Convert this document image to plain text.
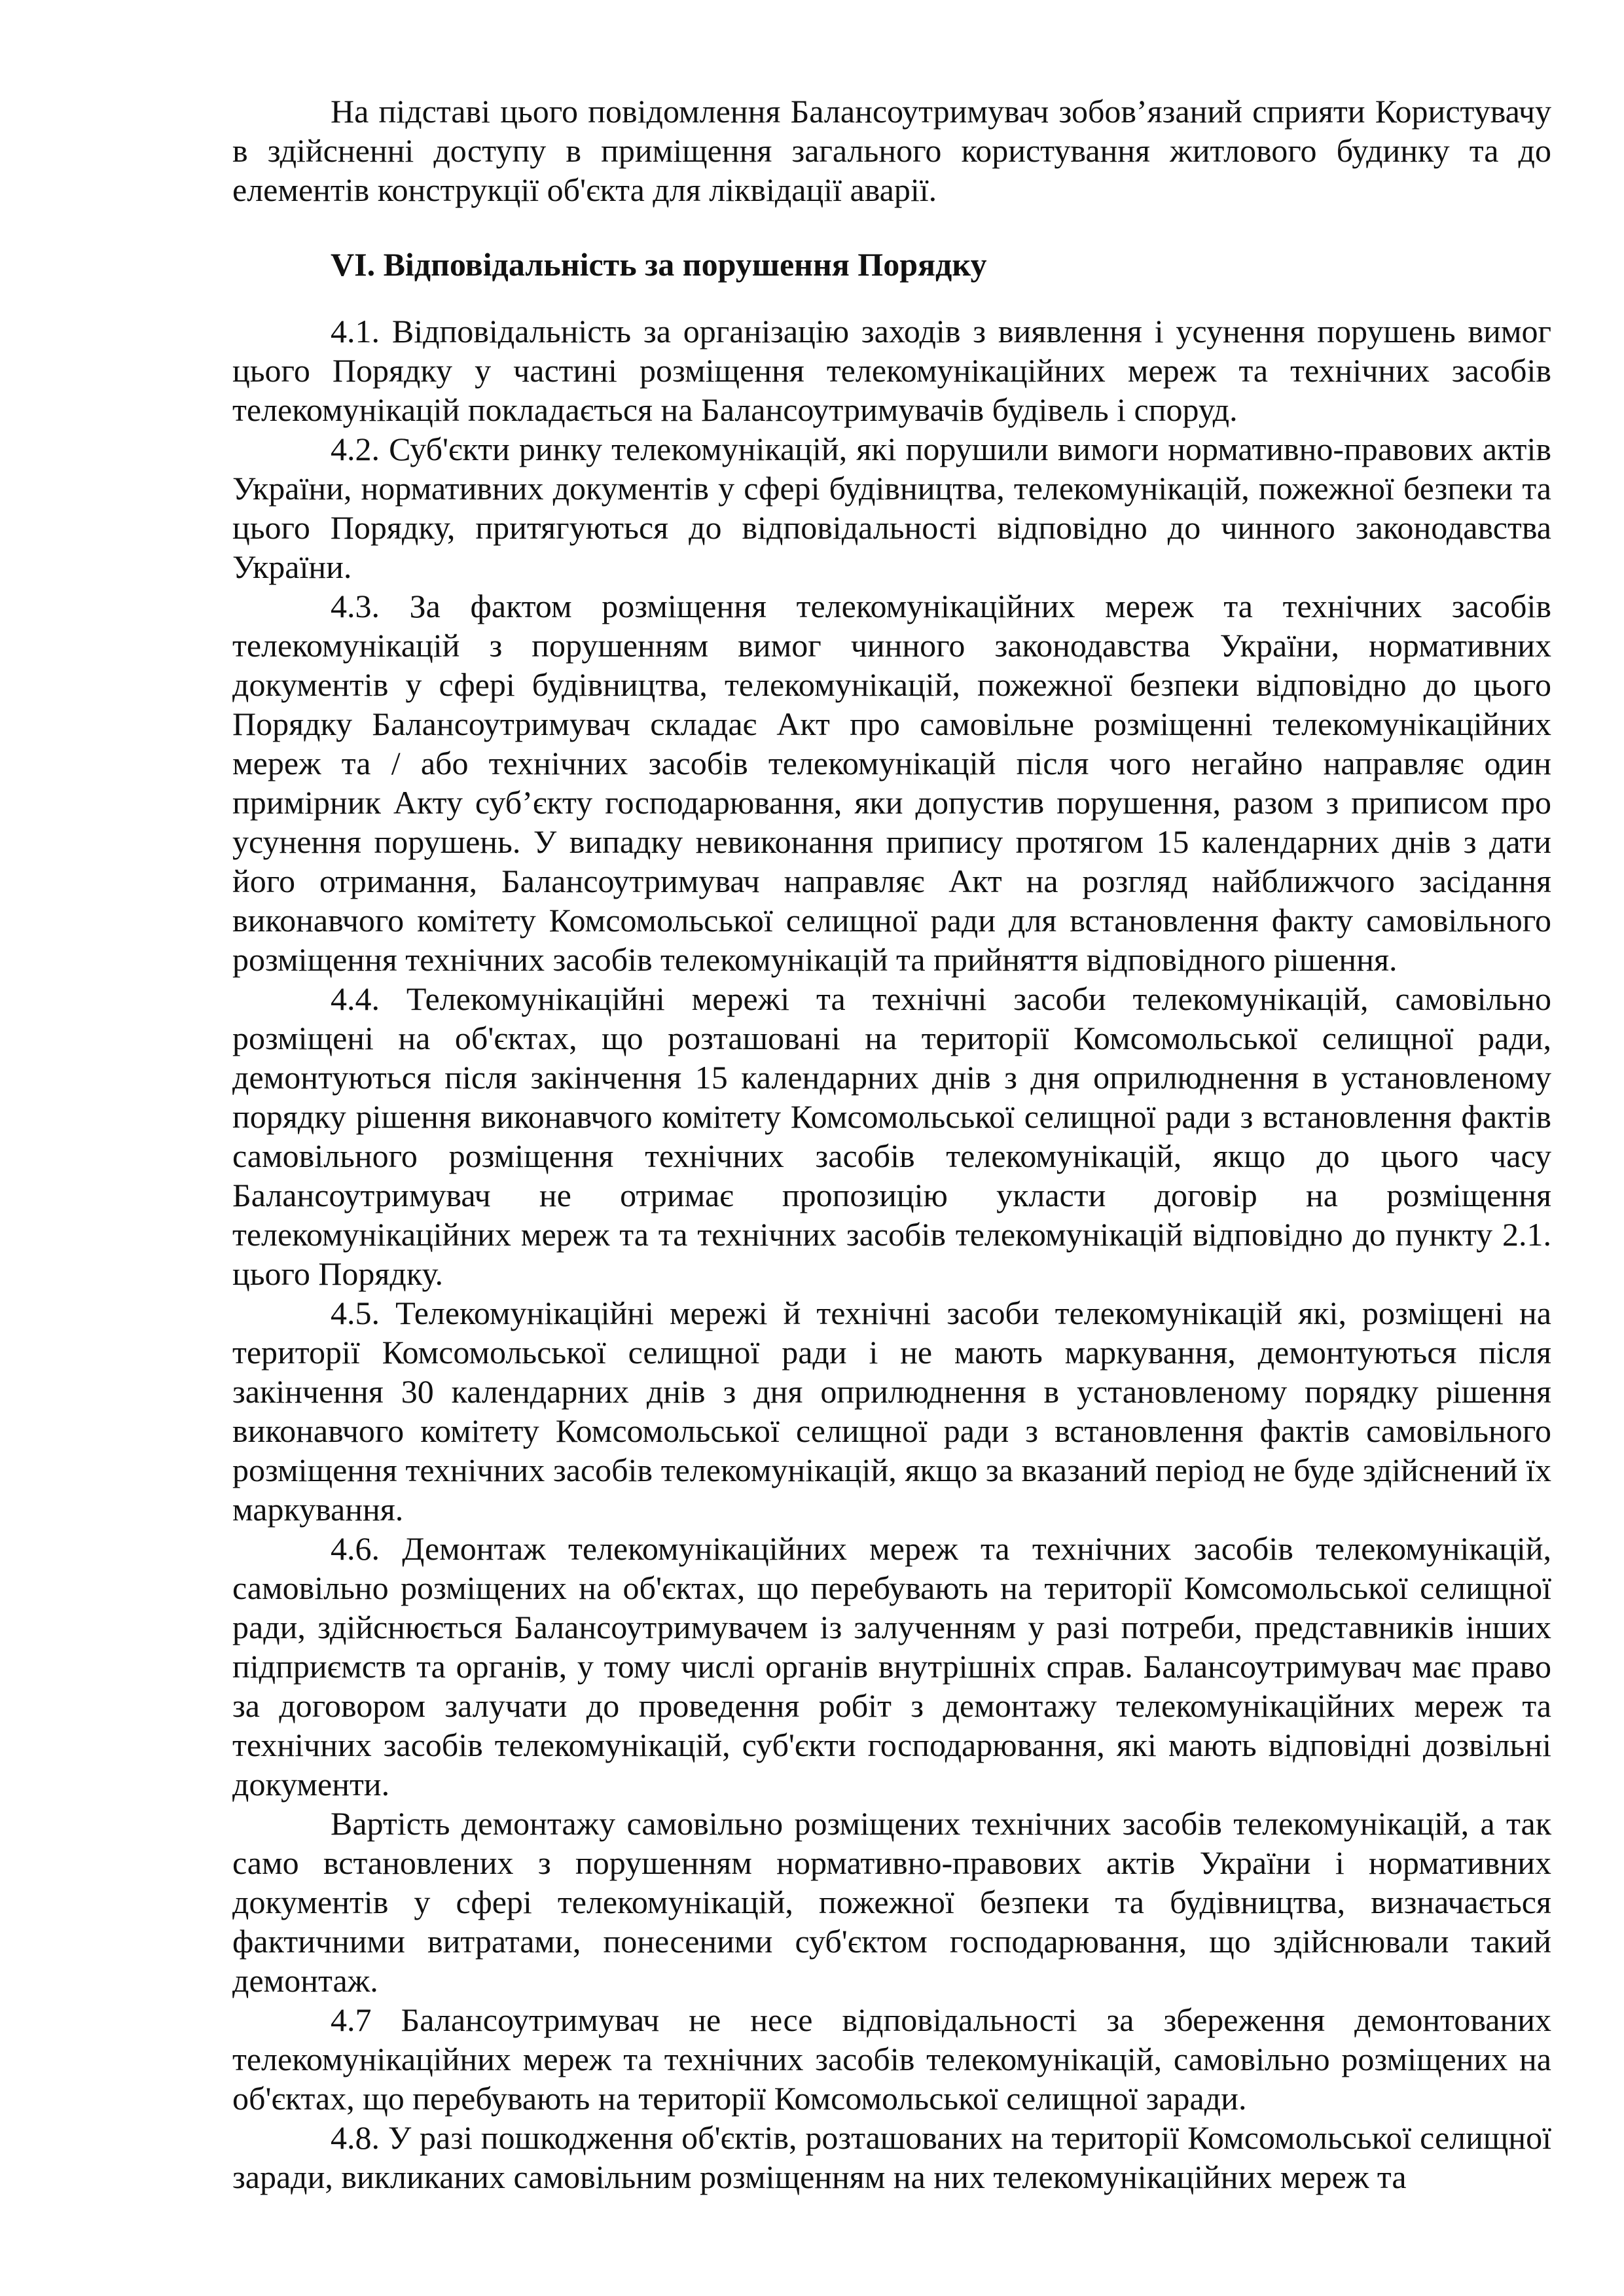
На підставі цього повідомлення Балансоутримувач зобов’язаний сприяти Користувачу в здійсненні доступу в приміщення загального користування житлового будинку та до елементів конструкції об'єкта для ліквідації аварії.

VI. Відповідальність за порушення Порядку

4.1. Відповідальність за організацію заходів з виявлення і усунення порушень вимог цього Порядку у частині розміщення телекомунікаційних мереж та технічних засобів телекомунікацій покладається на Балансоутримувачів будівель і споруд.

4.2. Суб'єкти ринку телекомунікацій, які порушили вимоги нормативно-правових актів України, нормативних документів у сфері будівництва, телекомунікацій, пожежної безпеки та цього Порядку, притягуються до відповідальності відповідно до чинного законодавства України.

4.3. За фактом розміщення телекомунікаційних мереж та технічних засобів телекомунікацій з порушенням вимог чинного законодавства України, нормативних документів у сфері будівництва, телекомунікацій, пожежної безпеки відповідно до цього Порядку Балансоутримувач складає Акт про самовільне розміщенні телекомунікаційних мереж та / або технічних засобів телекомунікацій після чого негайно направляє один примірник Акту суб’єкту господарювання, яки допустив порушення, разом з приписом про усунення порушень. У випадку невиконання припису протягом 15 календарних днів з дати його отримання, Балансоутримувач направляє Акт на розгляд найближчого засідання виконавчого комітету Комсомольської селищної ради для встановлення факту самовільного розміщення технічних засобів телекомунікацій та прийняття відповідного рішення.

4.4. Телекомунікаційні мережі та технічні засоби телекомунікацій, самовільно розміщені на об'єктах, що розташовані на території Комсомольської селищної ради, демонтуються після закінчення 15 календарних днів з дня оприлюднення в установленому порядку рішення виконавчого комітету Комсомольської селищної ради з встановлення фактів самовільного розміщення технічних засобів телекомунікацій, якщо до цього часу Балансоутримувач не отримає пропозицію укласти договір на розміщення телекомунікаційних мереж та та технічних засобів телекомунікацій відповідно до пункту 2.1. цього Порядку.

4.5. Телекомунікаційні мережі й технічні засоби телекомунікацій які, розміщені на території Комсомольської селищної ради і не мають маркування, демонтуються після закінчення 30 календарних днів з дня оприлюднення в установленому порядку рішення виконавчого комітету Комсомольської селищної ради з встановлення фактів самовільного розміщення технічних засобів телекомунікацій, якщо за вказаний період не буде здійснений їх маркування.

4.6. Демонтаж телекомунікаційних мереж та технічних засобів телекомунікацій, самовільно розміщених на об'єктах, що перебувають на території Комсомольської селищної ради, здійснюється Балансоутримувачем із залученням у разі потреби, представників інших підприємств та органів, у тому числі органів внутрішніх справ. Балансоутримувач має право за договором залучати до проведення робіт з демонтажу телекомунікаційних мереж та технічних засобів телекомунікацій, суб'єкти господарювання, які мають відповідні дозвільні документи.

Вартість демонтажу самовільно розміщених технічних засобів телекомунікацій, а так само встановлених з порушенням нормативно-правових актів України і нормативних документів у сфері телекомунікацій, пожежної безпеки та будівництва, визначається фактичними витратами, понесеними суб'єктом господарювання, що здійснювали такий демонтаж.

4.7 Балансоутримувач не несе відповідальності за збереження демонтованих телекомунікаційних мереж та технічних засобів телекомунікацій, самовільно розміщених на об'єктах, що перебувають на території Комсомольської селищної заради.

4.8. У разі пошкодження об'єктів, розташованих на території Комсомольської селищної заради, викликаних самовільним розміщенням на них телекомунікаційних мереж та
